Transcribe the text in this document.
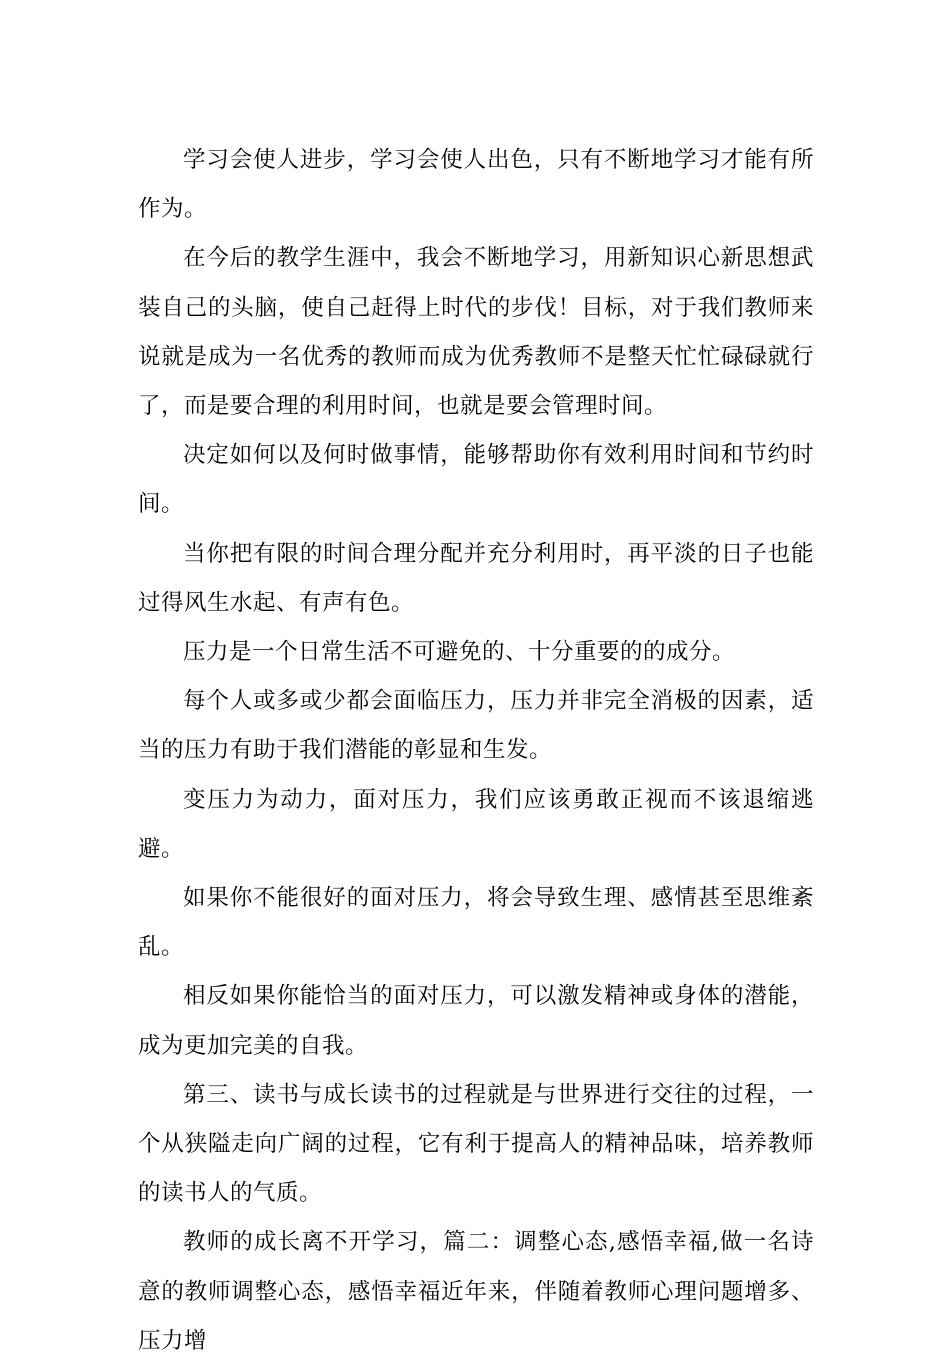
学习会使人进步，学习会使人出色，只有不断地学习才能有所作为。

在今后的教学生涯中，我会不断地学习，用新知识心新思想武装自己的头脑，使自己赶得上时代的步伐！目标，对于我们教师来说就是成为一名优秀的教师而成为优秀教师不是整天忙忙碌碌就行了，而是要合理的利用时间，也就是要会管理时间。

决定如何以及何时做事情，能够帮助你有效利用时间和节约时间。

当你把有限的时间合理分配并充分利用时，再平淡的日子也能过得风生水起、有声有色。

压力是一个日常生活不可避免的、十分重要的的成分。

每个人或多或少都会面临压力，压力并非完全消极的因素，适当的压力有助于我们潜能的彰显和生发。

变压力为动力，面对压力，我们应该勇敢正视而不该退缩逃避。

如果你不能很好的面对压力，将会导致生理、感情甚至思维紊乱。

相反如果你能恰当的面对压力，可以激发精神或身体的潜能，成为更加完美的自我。

第三、读书与成长读书的过程就是与世界进行交往的过程，一个从狭隘走向广阔的过程，它有利于提高人的精神品味，培养教师的读书人的气质。

教师的成长离不开学习，篇二：调整心态,感悟幸福,做一名诗意的教师调整心态，感悟幸福近年来，伴随着教师心理问题增多、压力增
